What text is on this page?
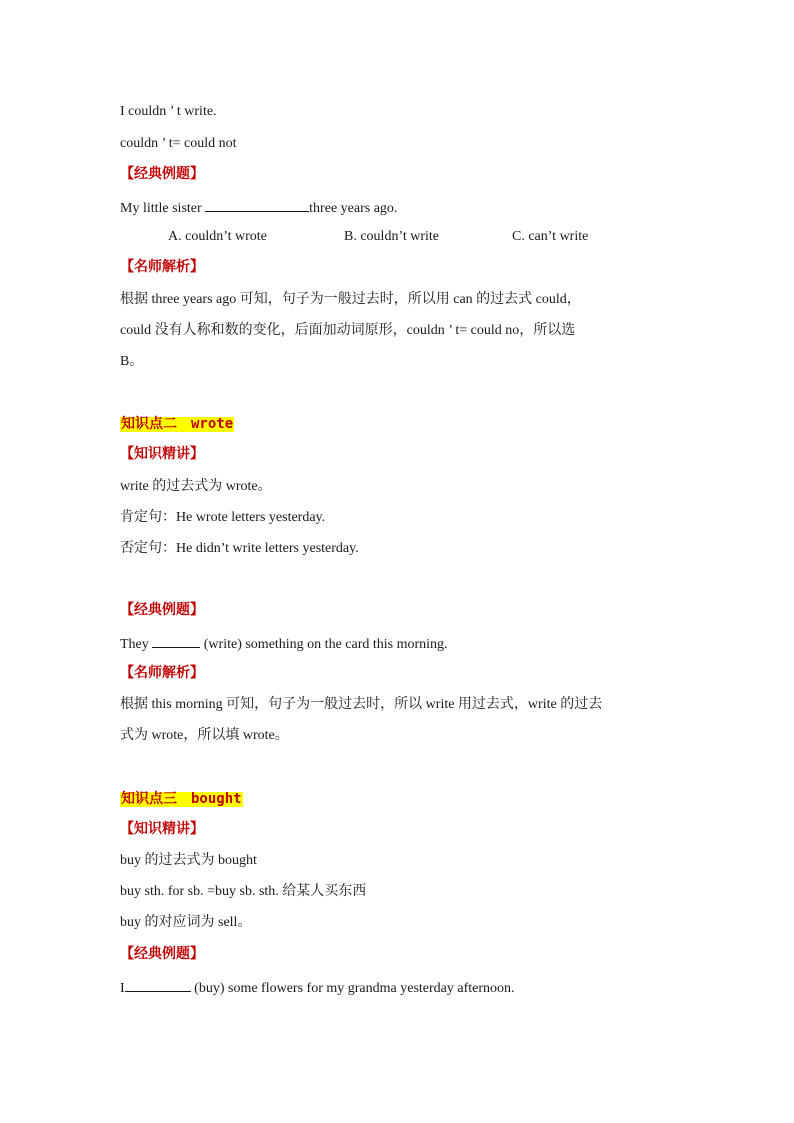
I couldn ’ t write.
couldn ’ t= could not
【经典例题】
My little sister	three years ago.
A. couldn’t wrote	B. couldn’t write	C. can’t write
【名师解析】
根据 three years ago 可知，句子为一般过去时，所以用 can 的过去式 could，
could 没有人称和数的变化，后面加动词原形，couldn ’ t= could no，所以选
B。
知识点二 wrote
【知识精讲】
write 的过去式为 wrote。
肯定句：He wrote letters yesterday.
否定句：He didn’t write letters yesterday.
【经典例题】
They	(write) something on the card this morning.
【名师解析】
根据 this morning 可知，句子为一般过去时，所以 write 用过去式，write 的过去
式为 wrote，所以填 wrote。
知识点三 bought
【知识精讲】
buy 的过去式为 bought
buy sth. for sb. =buy sb. sth. 给某人买东西
buy 的对应词为 sell。
【经典例题】
I	(buy) some flowers for my grandma yesterday afternoon.
